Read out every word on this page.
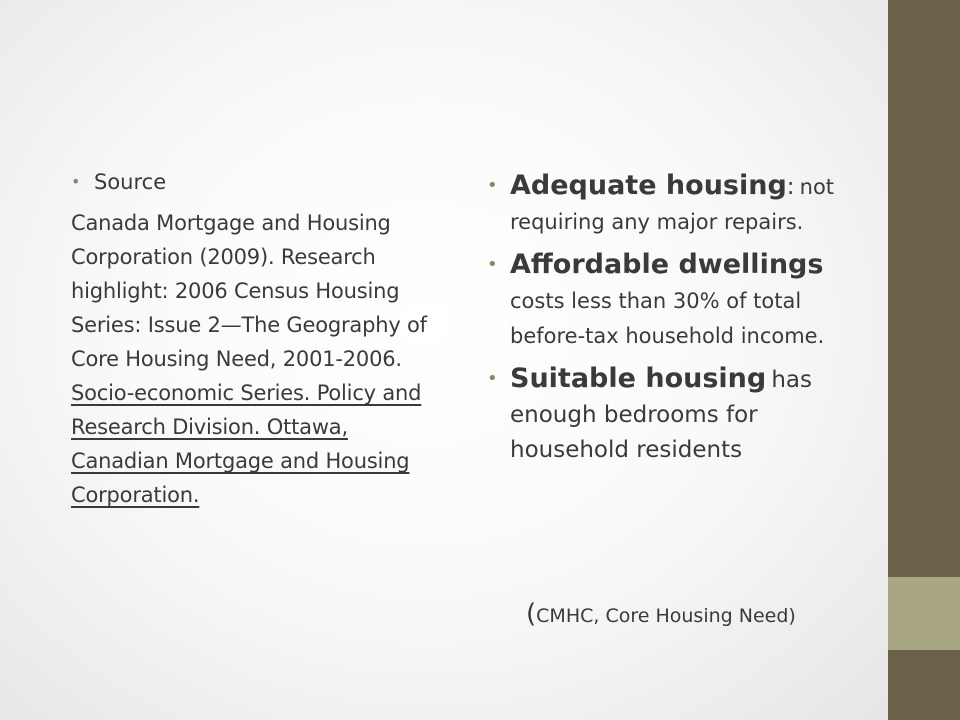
• Source
Canada Mortgage and Housing Corporation (2009). Research highlight: 2006 Census Housing Series: Issue 2—The Geography of Core Housing Need, 2001-2006. Socio-economic Series. Policy and Research Division. Ottawa, Canadian Mortgage and Housing Corporation.
• Adequate housing: not requiring any major repairs.
• Affordable dwellings costs less than 30% of total before-tax household income.
• Suitable housing has enough bedrooms for household residents
(CMHC, Core Housing Need)
